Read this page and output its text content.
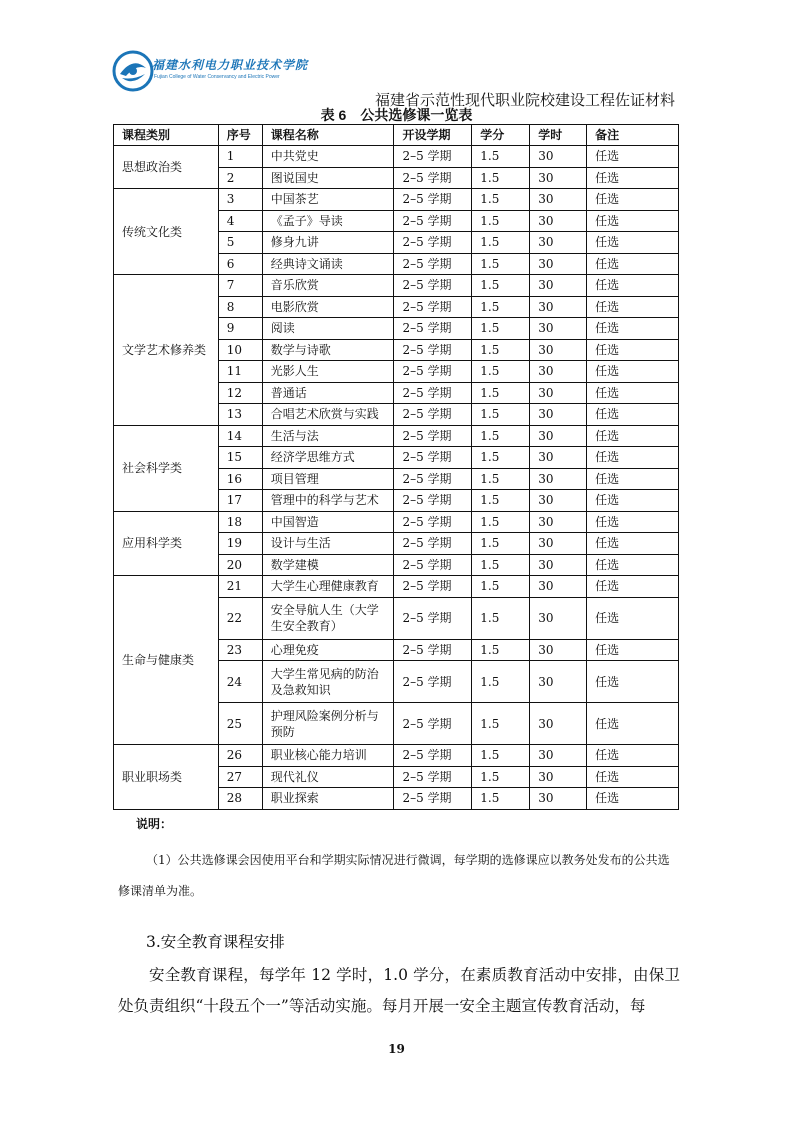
福建水利电力职业技术学院
Fujian College of Water Conservancy and Electric Power
福建省示范性现代职业院校建设工程佐证材料
表 6　公共选修课一览表
课程类别	序号	课程名称	开设学期	学分	学时	备注
思想政治类	1	中共党史	2–5 学期	1.5	30	任选
	2	图说国史	2–5 学期	1.5	30	任选
传统文化类	3	中国茶艺	2–5 学期	1.5	30	任选
	4	《孟子》导读	2–5 学期	1.5	30	任选
	5	修身九讲	2–5 学期	1.5	30	任选
	6	经典诗文诵读	2–5 学期	1.5	30	任选
文学艺术修养类	7	音乐欣赏	2–5 学期	1.5	30	任选
	8	电影欣赏	2–5 学期	1.5	30	任选
	9	阅读	2–5 学期	1.5	30	任选
	10	数学与诗歌	2–5 学期	1.5	30	任选
	11	光影人生	2–5 学期	1.5	30	任选
	12	普通话	2–5 学期	1.5	30	任选
	13	合唱艺术欣赏与实践	2–5 学期	1.5	30	任选
社会科学类	14	生活与法	2–5 学期	1.5	30	任选
	15	经济学思维方式	2–5 学期	1.5	30	任选
	16	项目管理	2–5 学期	1.5	30	任选
	17	管理中的科学与艺术	2–5 学期	1.5	30	任选
应用科学类	18	中国智造	2–5 学期	1.5	30	任选
	19	设计与生活	2–5 学期	1.5	30	任选
	20	数学建模	2–5 学期	1.5	30	任选
生命与健康类	21	大学生心理健康教育	2–5 学期	1.5	30	任选
	22	安全导航人生（大学生安全教育）	2–5 学期	1.5	30	任选
	23	心理免疫	2–5 学期	1.5	30	任选
	24	大学生常见病的防治及急救知识	2–5 学期	1.5	30	任选
	25	护理风险案例分析与预防	2–5 学期	1.5	30	任选
职业职场类	26	职业核心能力培训	2–5 学期	1.5	30	任选
	27	现代礼仪	2–5 学期	1.5	30	任选
	28	职业探索	2–5 学期	1.5	30	任选
说明：
（1）公共选修课会因使用平台和学期实际情况进行微调，每学期的选修课应以教务处发布的公共选修课清单为准。
3.安全教育课程安排
安全教育课程，每学年 12 学时，1.0 学分，在素质教育活动中安排，由保卫处负责组织“十段五个一”等活动实施。每月开展一安全主题宣传教育活动，每
19
